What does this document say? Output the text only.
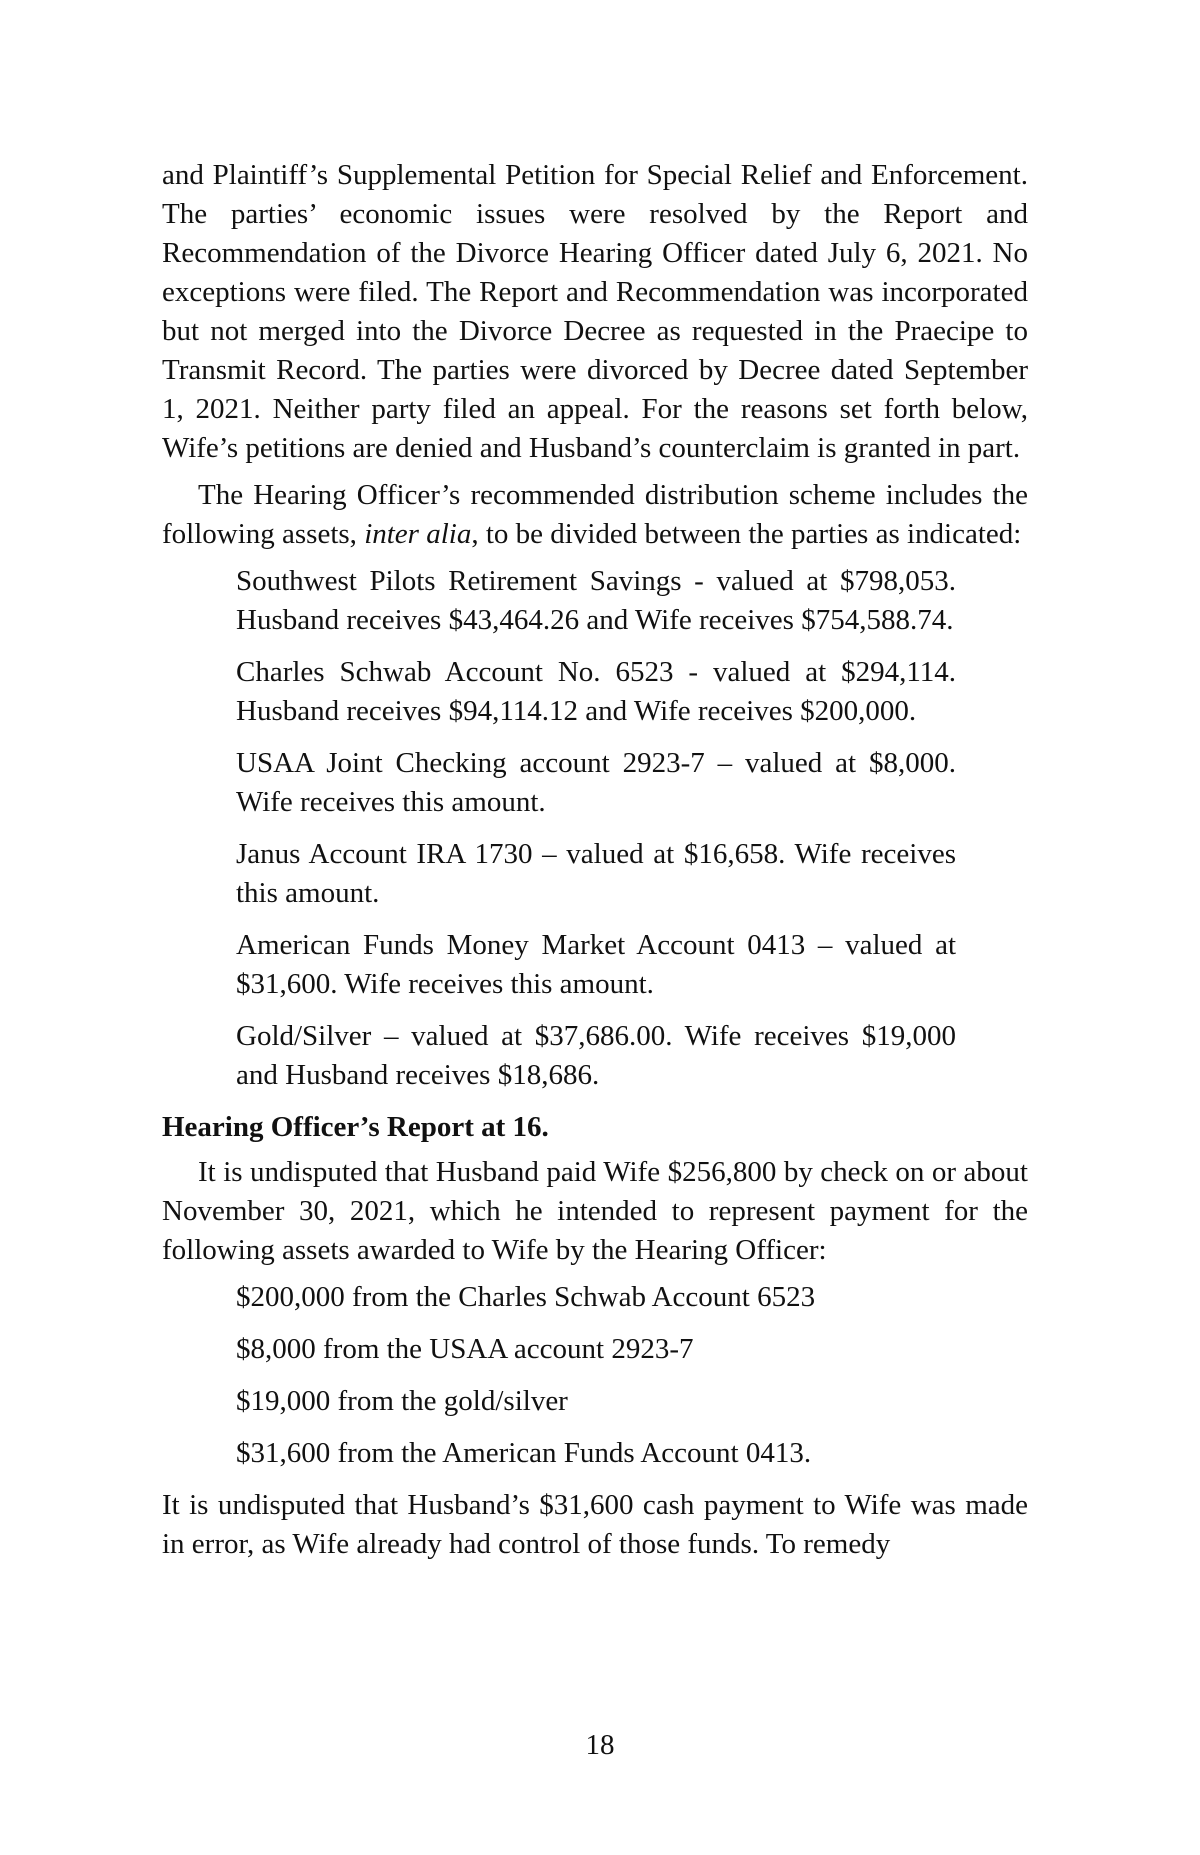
and Plaintiff’s Supplemental Petition for Special Relief and Enforcement. The parties’ economic issues were resolved by the Report and Recommendation of the Divorce Hearing Officer dated July 6, 2021. No exceptions were filed. The Report and Recommendation was incorporated but not merged into the Divorce Decree as requested in the Praecipe to Transmit Record. The parties were divorced by Decree dated September 1, 2021. Neither party filed an appeal. For the reasons set forth below, Wife’s petitions are denied and Husband’s counterclaim is granted in part.

The Hearing Officer’s recommended distribution scheme includes the following assets, inter alia, to be divided between the parties as indicated:

Southwest Pilots Retirement Savings - valued at $798,053. Husband receives $43,464.26 and Wife receives $754,588.74.
Charles Schwab Account No. 6523 - valued at $294,114. Husband receives $94,114.12 and Wife receives $200,000.
USAA Joint Checking account 2923-7 – valued at $8,000. Wife receives this amount.
Janus Account IRA 1730 – valued at $16,658. Wife receives this amount.
American Funds Money Market Account 0413 – valued at $31,600. Wife receives this amount.
Gold/Silver – valued at $37,686.00. Wife receives $19,000 and Husband receives $18,686.

Hearing Officer’s Report at 16.

It is undisputed that Husband paid Wife $256,800 by check on or about November 30, 2021, which he intended to represent payment for the following assets awarded to Wife by the Hearing Officer:

$200,000 from the Charles Schwab Account 6523
$8,000 from the USAA account 2923-7
$19,000 from the gold/silver
$31,600 from the American Funds Account 0413.

It is undisputed that Husband’s $31,600 cash payment to Wife was made in error, as Wife already had control of those funds. To remedy

18
